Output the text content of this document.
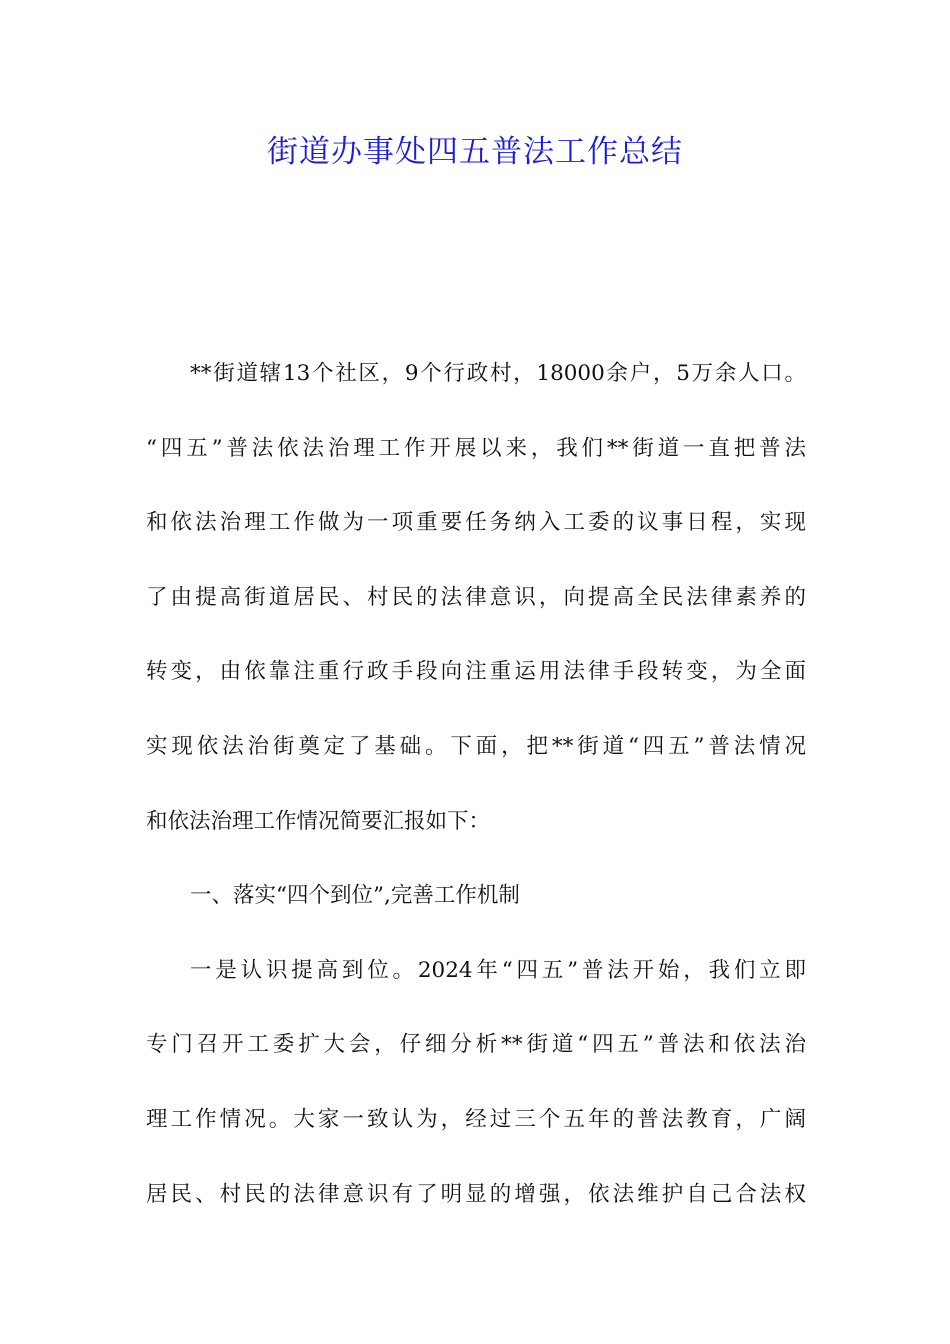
街道办事处四五普法工作总结
**街道辖13个社区，9个行政村，18000余户，5万余人口。
“四五”普法依法治理工作开展以来，我们**街道一直把普法
和依法治理工作做为一项重要任务纳入工委的议事日程，实现
了由提高街道居民、村民的法律意识，向提高全民法律素养的
转变，由依靠注重行政手段向注重运用法律手段转变，为全面
实现依法治街奠定了基础。下面，把**街道“四五”普法情况
和依法治理工作情况简要汇报如下：
一、落实“四个到位”,完善工作机制
一是认识提高到位。2024年“四五”普法开始，我们立即
专门召开工委扩大会，仔细分析**街道“四五”普法和依法治
理工作情况。大家一致认为，经过三个五年的普法教育，广阔
居民、村民的法律意识有了明显的增强，依法维护自己合法权
